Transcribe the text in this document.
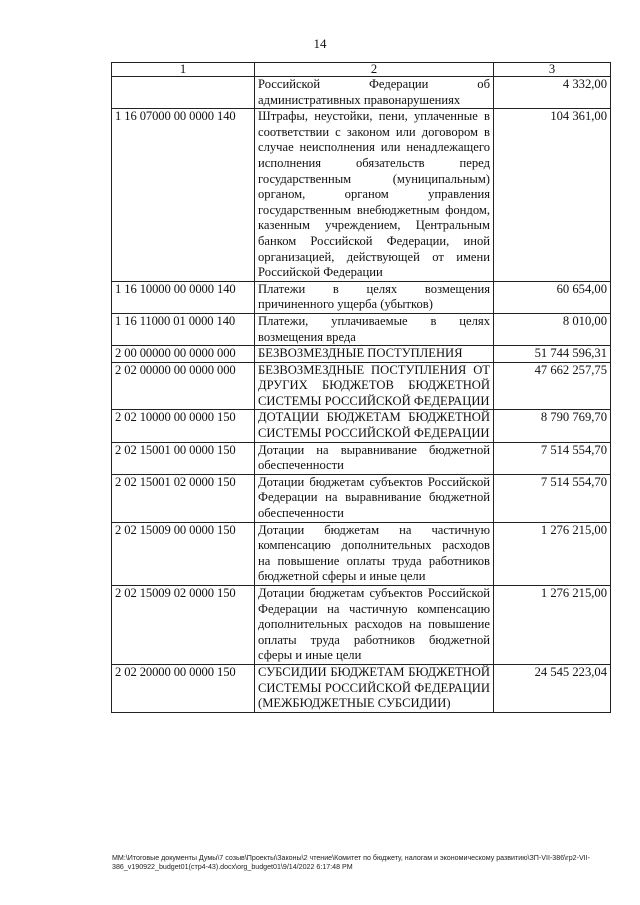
14
1	2	3
	Российской Федерации об административных правонарушениях	4 332,00
1 16 07000 00 0000 140	Штрафы, неустойки, пени, уплаченные в соответствии с законом или договором в случае неисполнения или ненадлежащего исполнения обязательств перед государственным (муниципальным) органом, органом управления государственным внебюджетным фондом, казенным учреждением, Центральным банком Российской Федерации, иной организацией, действующей от имени Российской Федерации	104 361,00
1 16 10000 00 0000 140	Платежи в целях возмещения причиненного ущерба (убытков)	60 654,00
1 16 11000 01 0000 140	Платежи, уплачиваемые в целях возмещения вреда	8 010,00
2 00 00000 00 0000 000	БЕЗВОЗМЕЗДНЫЕ ПОСТУПЛЕНИЯ	51 744 596,31
2 02 00000 00 0000 000	БЕЗВОЗМЕЗДНЫЕ ПОСТУПЛЕНИЯ ОТ ДРУГИХ БЮДЖЕТОВ БЮДЖЕТНОЙ СИСТЕМЫ РОССИЙСКОЙ ФЕДЕРАЦИИ	47 662 257,75
2 02 10000 00 0000 150	ДОТАЦИИ БЮДЖЕТАМ БЮДЖЕТНОЙ СИСТЕМЫ РОССИЙСКОЙ ФЕДЕРАЦИИ	8 790 769,70
2 02 15001 00 0000 150	Дотации на выравнивание бюджетной обеспеченности	7 514 554,70
2 02 15001 02 0000 150	Дотации бюджетам субъектов Российской Федерации на выравнивание бюджетной обеспеченности	7 514 554,70
2 02 15009 00 0000 150	Дотации бюджетам на частичную компенсацию дополнительных расходов на повышение оплаты труда работников бюджетной сферы и иные цели	1 276 215,00
2 02 15009 02 0000 150	Дотации бюджетам субъектов Российской Федерации на частичную компенсацию дополнительных расходов на повышение оплаты труда работников бюджетной сферы и иные цели	1 276 215,00
2 02 20000 00 0000 150	СУБСИДИИ БЮДЖЕТАМ БЮДЖЕТНОЙ СИСТЕМЫ РОССИЙСКОЙ ФЕДЕРАЦИИ (МЕЖБЮДЖЕТНЫЕ СУБСИДИИ)	24 545 223,04
ММ:\Итоговые документы Думы\7 созыв\Проекты\Законы\2 чтение\Комитет по бюджету, налогам и экономическому развитию\ЗП-VII-386\гр2-VII-
386_v190922_budget01(стр4-43).docx\org_budget01\9/14/2022 6:17:48 PM
